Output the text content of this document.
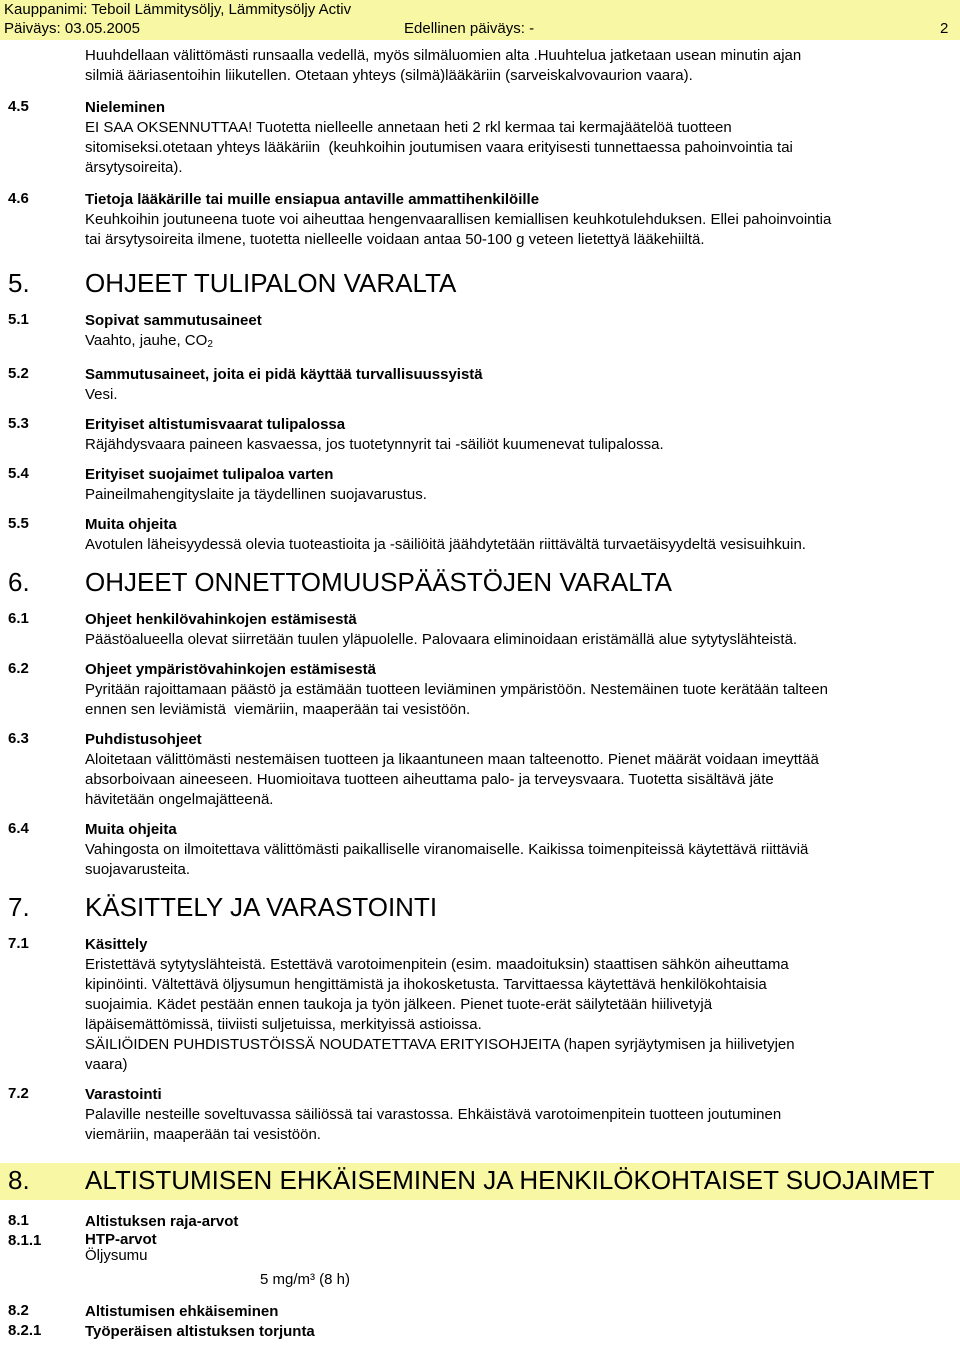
Kauppanimi: Teboil Lämmitysöljy, Lämmitysöljy Activ
Päiväys: 03.05.2005	Edellinen päiväys: -	2
Huuhdellaan välittömästi runsaalla vedellä, myös silmäluomien alta .Huuhtelua jatketaan usean minutin ajan
silmiä ääriasentoihin liikutellen. Otetaan yhteys (silmä)lääkäriin (sarveiskalvovaurion vaara).
4.5	Nieleminen
EI SAA OKSENNUTTAA! Tuotetta nielleelle annetaan heti 2 rkl kermaa tai kermajäätelöä tuotteen
sitomiseksi.otetaan yhteys lääkäriin  (keuhkoihin joutumisen vaara erityisesti tunnettaessa pahoinvointia tai
ärsytysoireita).
4.6	Tietoja lääkärille tai muille ensiapua antaville ammattihenkilöille
Keuhkoihin joutuneena tuote voi aiheuttaa hengenvaarallisen kemiallisen keuhkotulehduksen. Ellei pahoinvointia
tai ärsytysoireita ilmene, tuotetta nielleelle voidaan antaa 50-100 g veteen lietettyä lääkehiiltä.
5.	OHJEET TULIPALON VARALTA
5.1	Sopivat sammutusaineet
Vaahto, jauhe, $CO_2$
5.2	Sammutusaineet, joita ei pidä käyttää turvallisuussyistä
Vesi.
5.3	Erityiset altistumisvaarat tulipalossa
Räjähdysvaara paineen kasvaessa, jos tuotetynnyrit tai -säiliöt kuumenevat tulipalossa.
5.4	Erityiset suojaimet tulipaloa varten
Paineilmahengityslaite ja täydellinen suojavarustus.
5.5	Muita ohjeita
Avotulen läheisyydessä olevia tuoteastioita ja -säiliöitä jäähdytetään riittävältä turvaetäisyydeltä vesisuihkuin.
6.	OHJEET ONNETTOMUUSPÄÄSTÖJEN VARALTA
6.1	Ohjeet henkilövahinkojen estämisestä
Päästöalueella olevat siirretään tuulen yläpuolelle. Palovaara eliminoidaan eristämällä alue sytytyslähteistä.
6.2	Ohjeet ympäristövahinkojen estämisestä
Pyritään rajoittamaan päästö ja estämään tuotteen leviäminen ympäristöön. Nestemäinen tuote kerätään talteen
ennen sen leviämistä  viemäriin, maaperään tai vesistöön.
6.3	Puhdistusohjeet
Aloitetaan välittömästi nestemäisen tuotteen ja likaantuneen maan talteenotto. Pienet määrät voidaan imeyttää
absorboivaan aineeseen. Huomioitava tuotteen aiheuttama palo- ja terveysvaara. Tuotetta sisältävä jäte
hävitetään ongelmajätteenä.
6.4	Muita ohjeita
Vahingosta on ilmoitettava välittömästi paikalliselle viranomaiselle. Kaikissa toimenpiteissä käytettävä riittäviä
suojavarusteita.
7.	KÄSITTELY JA VARASTOINTI
7.1	Käsittely
Eristettävä sytytyslähteistä. Estettävä varotoimenpitein (esim. maadoituksin) staattisen sähkön aiheuttama
kipinöinti. Vältettävä öljysumun hengittämistä ja ihokosketusta. Tarvittaessa käytettävä henkilökohtaisia
suojaimia. Kädet pestään ennen taukoja ja työn jälkeen. Pienet tuote-erät säilytetään hiilivetyjä
läpäisemättömissä, tiiviisti suljetuissa, merkityissä astioissa.
SÄILIÖIDEN PUHDISTUSTÖISSÄ NOUDATETTAVA ERITYISOHJEITA (hapen syrjäytymisen ja hiilivetyjen
vaara)
7.2	Varastointi
Palaville nesteille soveltuvassa säiliössä tai varastossa. Ehkäistävä varotoimenpitein tuotteen joutuminen
viemäriin, maaperään tai vesistöön.
8.	ALTISTUMISEN EHKÄISEMINEN JA HENKILÖKOHTAISET SUOJAIMET
8.1	Altistuksen raja-arvot
8.1.1	HTP-arvot
Öljysumu
5 mg/m³ (8 h)
8.2	Altistumisen ehkäiseminen
8.2.1	Työperäisen altistuksen torjunta
